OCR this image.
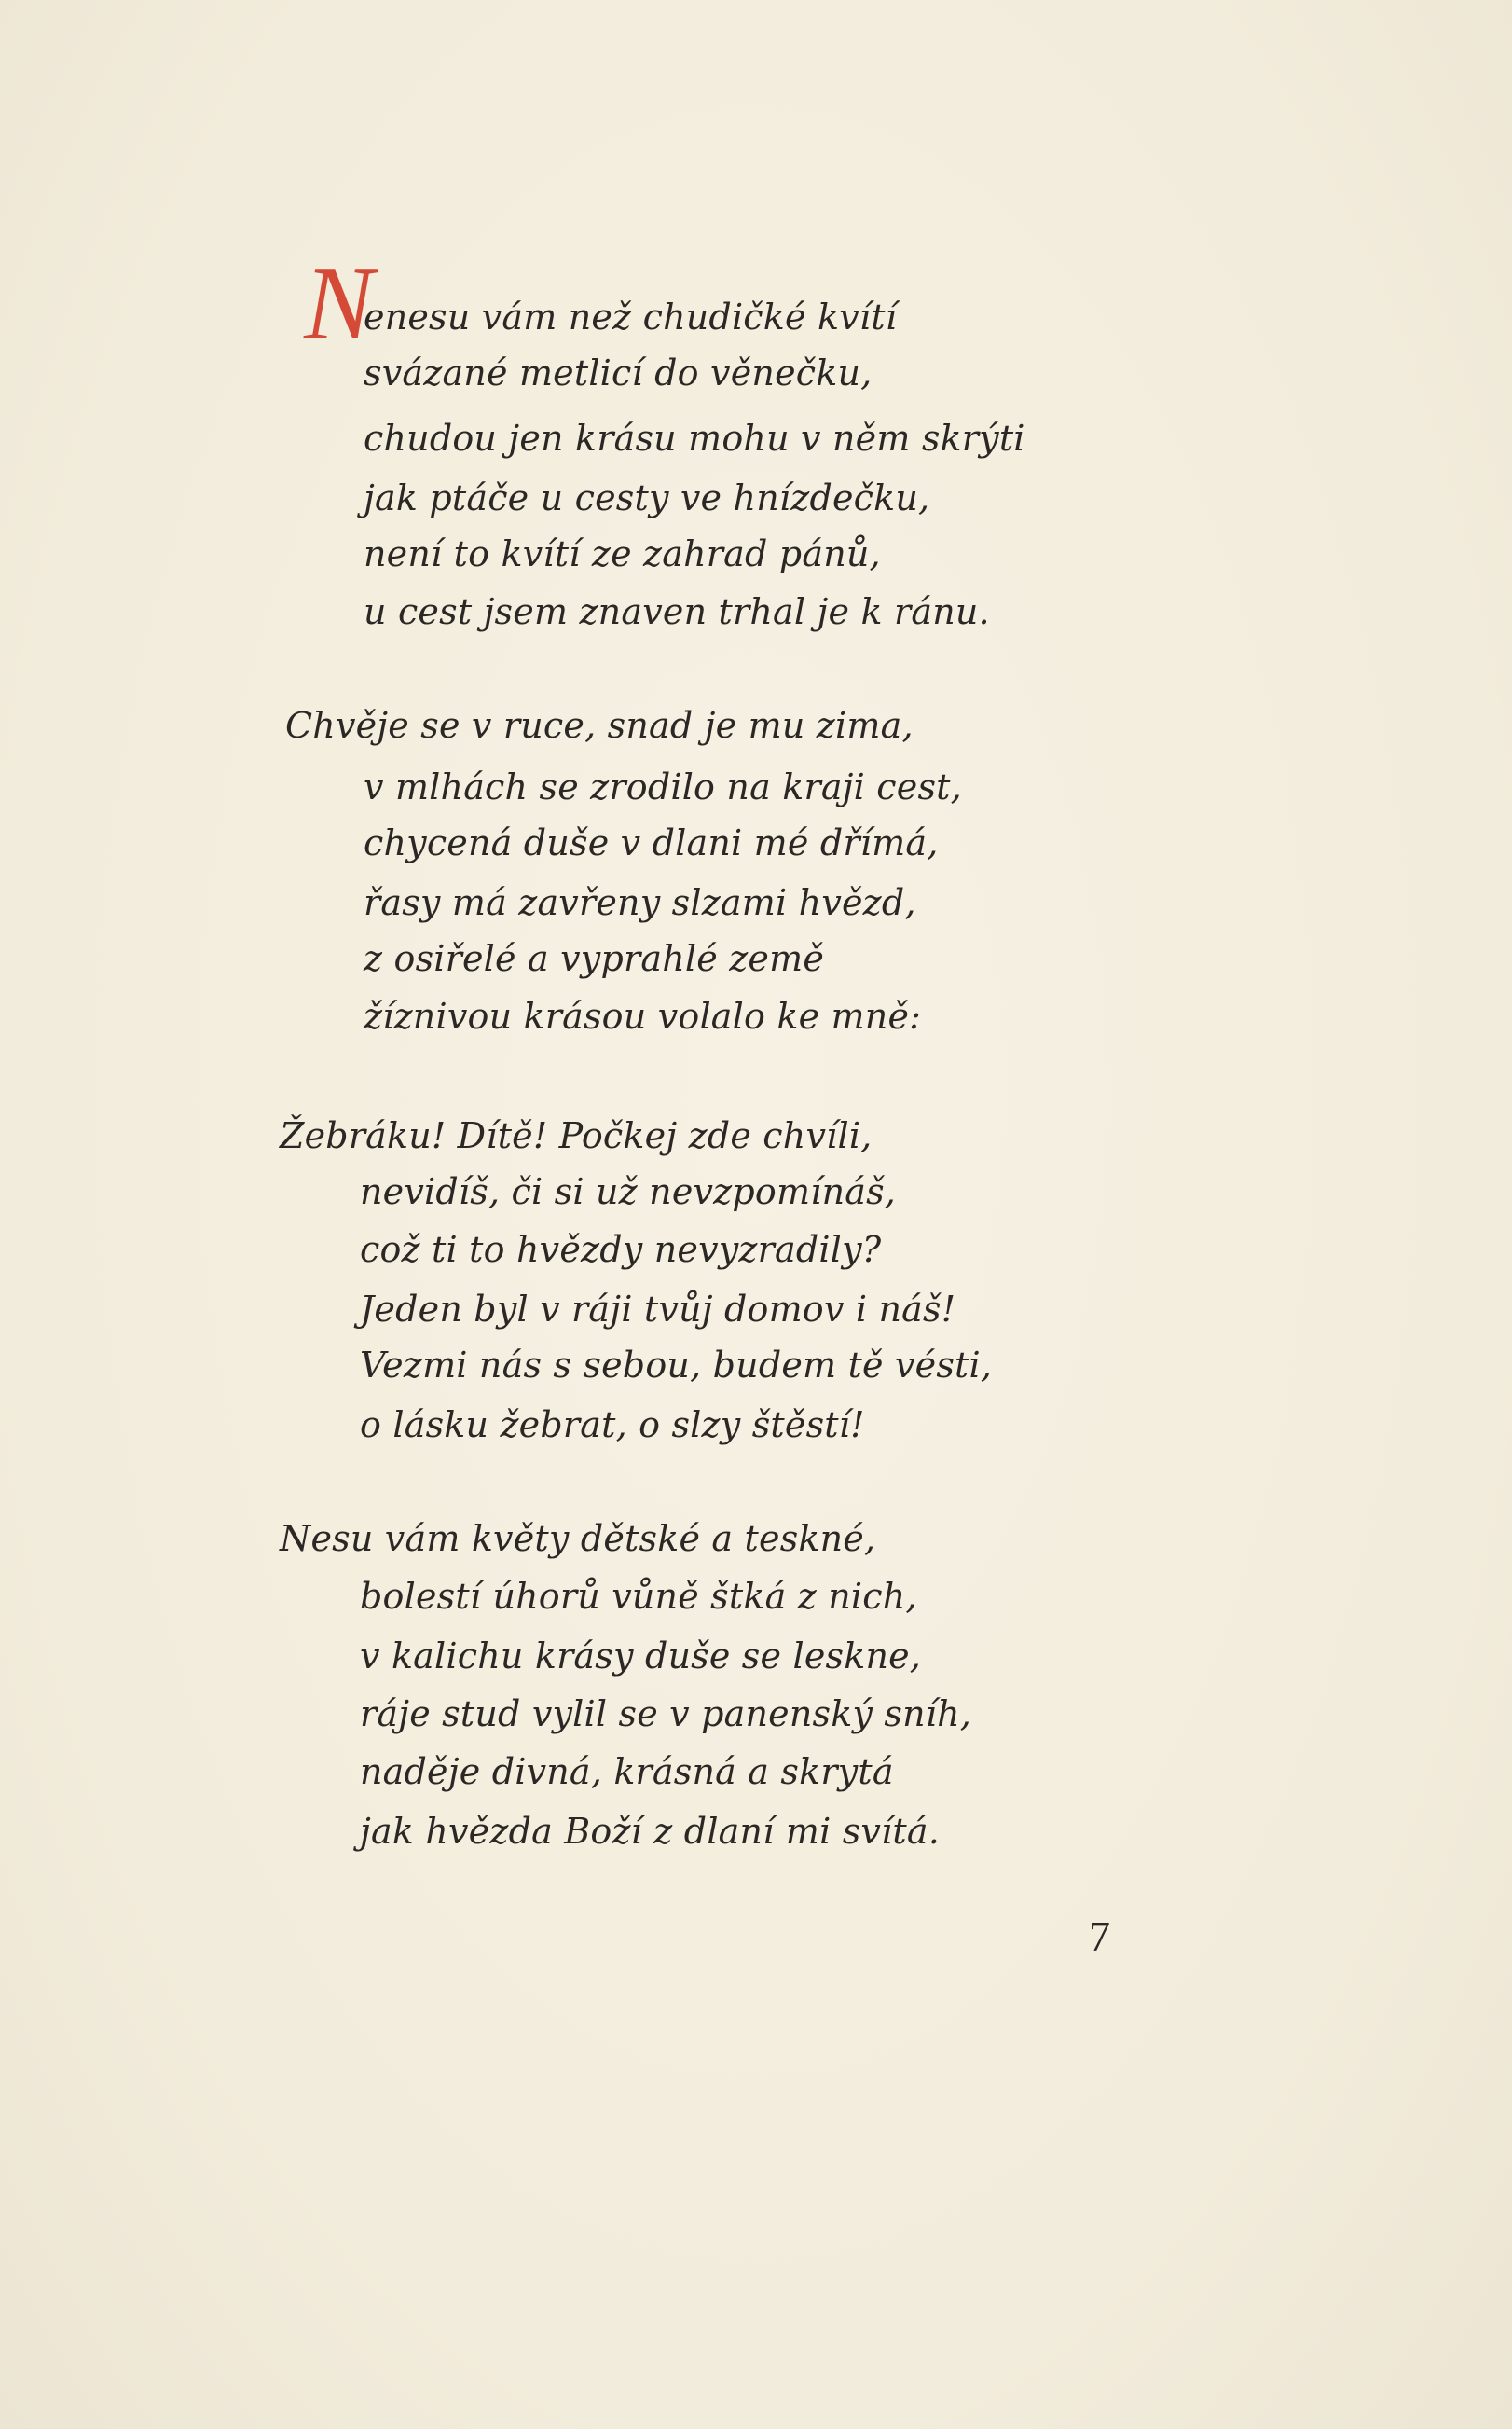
N
enesu vám než chudičké kvítí
svázané metlicí do věnečku,
chudou jen krásu mohu v něm skrýti
jak ptáče u cesty ve hnízdečku,
není to kvítí ze zahrad pánů,
u cest jsem znaven trhal je k ránu.
Chvěje se v ruce, snad je mu zima,
v mlhách se zrodilo na kraji cest,
chycená duše v dlani mé dřímá,
řasy má zavřeny slzami hvězd,
z osiřelé a vyprahlé země
žíznivou krásou volalo ke mně:
Žebráku! Dítě! Počkej zde chvíli,
nevidíš, či si už nevzpomínáš,
což ti to hvězdy nevyzradily?
Jeden byl v ráji tvůj domov i náš!
Vezmi nás s sebou, budem tě vésti,
o lásku žebrat, o slzy štěstí!
Nesu vám květy dětské a teskné,
bolestí úhorů vůně štká z nich,
v kalichu krásy duše se leskne,
ráje stud vylil se v panenský sníh,
naděje divná, krásná a skrytá
jak hvězda Boží z dlaní mi svítá.
7
